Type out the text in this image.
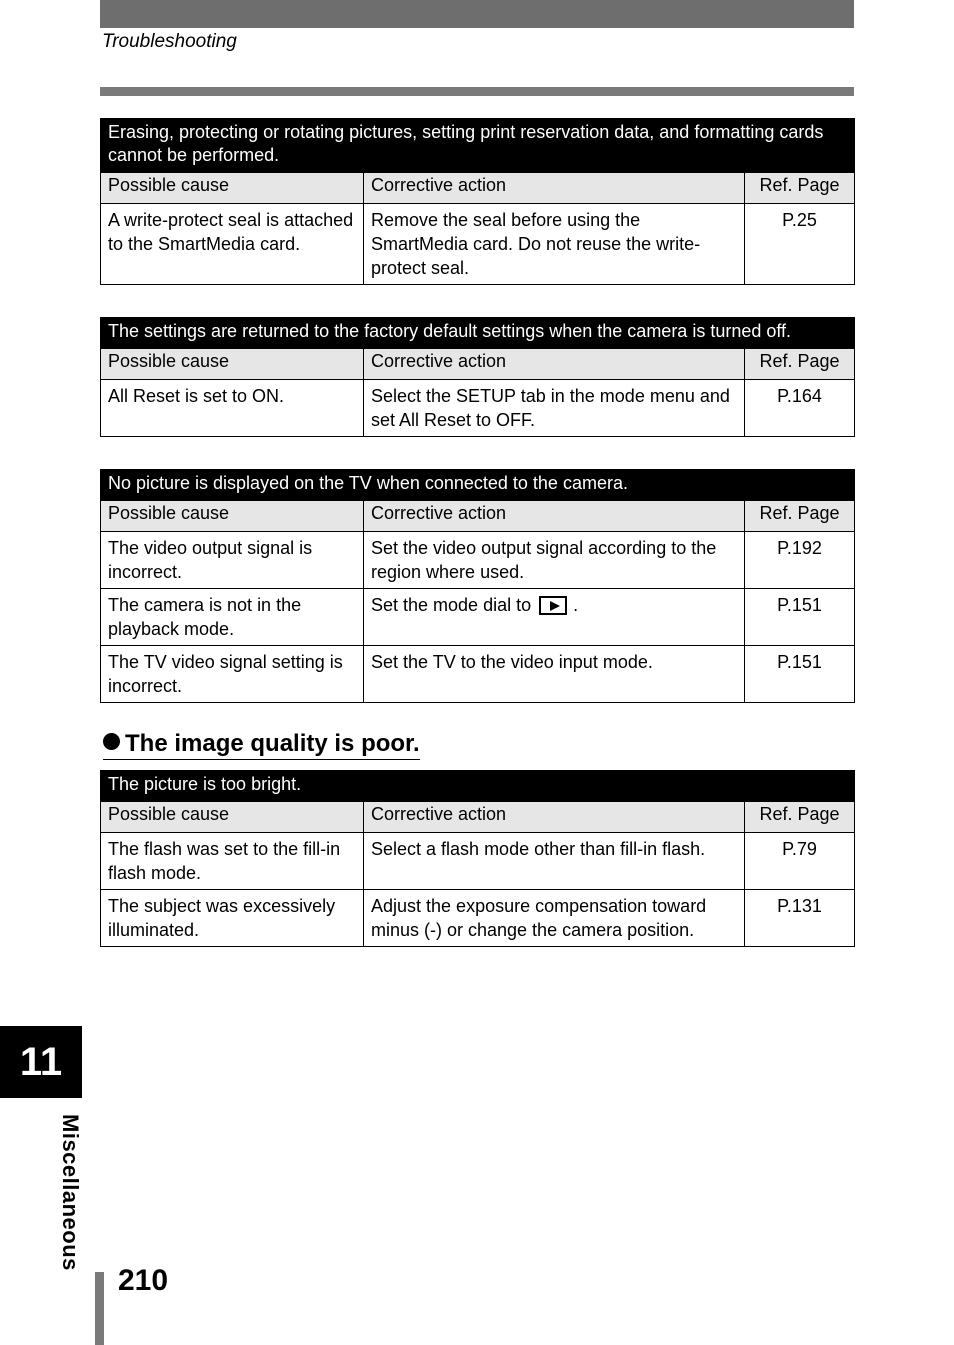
Troubleshooting
Erasing, protecting or rotating pictures, setting print reservation data, and formatting cards cannot be performed.		
Possible cause	Corrective action	Ref. Page
A write-protect seal is attached to the SmartMedia card.	Remove the seal before using the SmartMedia card. Do not reuse the write-protect seal.	P.25
The settings are returned to the factory default settings when the camera is turned off.		
Possible cause	Corrective action	Ref. Page
All Reset is set to ON.	Select the SETUP tab in the mode menu and set All Reset to OFF.	P.164
No picture is displayed on the TV when connected to the camera.		
Possible cause	Corrective action	Ref. Page
The video output signal is incorrect.	Set the video output signal according to the region where used.	P.192
The camera is not in the playback mode.	Set the mode dial to .	P.151
The TV video signal setting is incorrect.	Set the TV to the video input mode.	P.151
The image quality is poor.
The picture is too bright.		
Possible cause	Corrective action	Ref. Page
The flash was set to the fill-in flash mode.	Select a flash mode other than fill-in flash.	P.79
The subject was excessively illuminated.	Adjust the exposure compensation toward minus (-) or change the camera position.	P.131
11
Miscellaneous
210
